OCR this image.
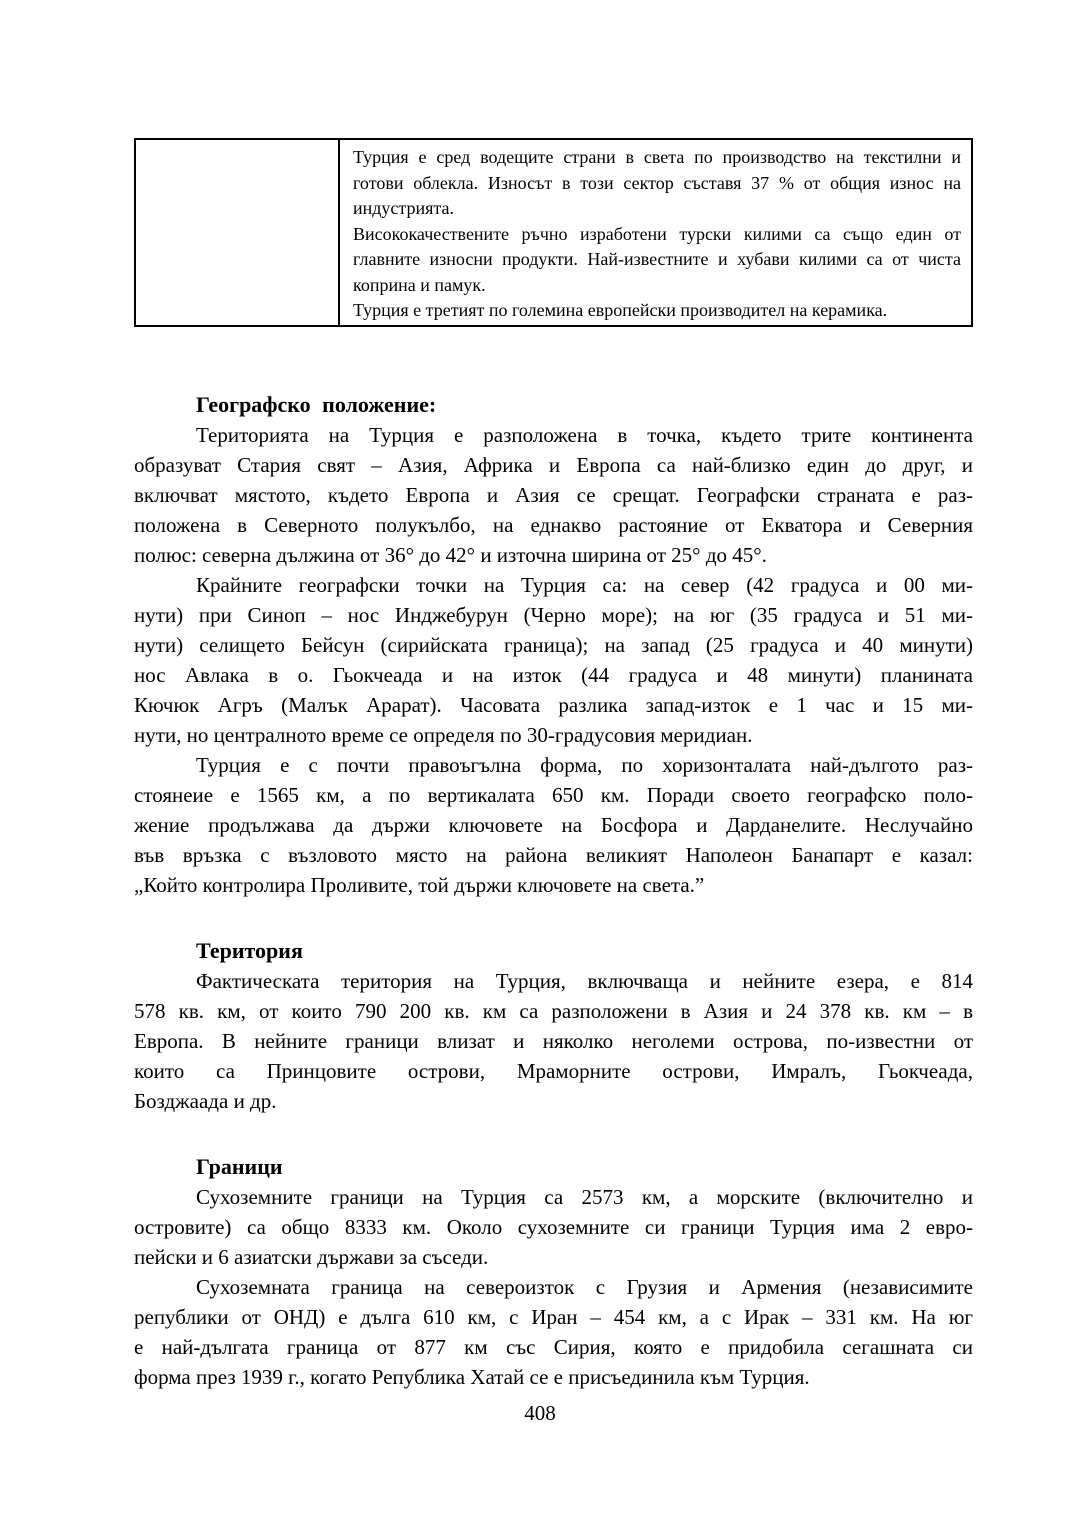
Турция е сред водещите страни в света по производство на текстилни и
готови облекла. Износът в този сектор съставя 37 % от общия износ на
индустрията.
Висококачествените ръчно изработени турски килими са също един от
главните износни продукти. Най-известните и хубави килими са от чиста
коприна и памук.
Турция е третият по големина европейски производител на керамика.
Географско положение:
Територията на Турция е разположена в точка, където трите континента
образуват Стария свят – Азия, Африка и Европа са най-близко един до друг, и
включват мястото, където Европа и Азия се срещат. Географски страната е раз-
положена в Северното полукълбо, на еднакво растояние от Екватора и Северния
полюс: северна дължина от 36° до 42° и източна ширина от 25° до 45°.
Крайните географски точки на Турция са: на север (42 градуса и 00 ми-
нути) при Синоп – нос Инджебурун (Черно море); на юг (35 градуса и 51 ми-
нути) селището Бейсун (сирийската граница); на запад (25 градуса и 40 минути)
нос Авлака в о. Гьокчеада и на изток (44 градуса и 48 минути) планината
Кючюк Агръ (Малък Арарат). Часовата разлика запад-изток е 1 час и 15 ми-
нути, но централното време се определя по 30-градусовия меридиан.
Турция е с почти правоъгълна форма, по хоризонталата най-дългото раз-
стоянеие е 1565 км, а по вертикалата 650 км. Поради своето географско поло-
жение продължава да държи ключовете на Босфора и Дарданелите. Неслучайно
във връзка с възловото място на района великият Наполеон Банапарт е казал:
„Който контролира Проливите, той държи ключовете на света.”
Територия
Фактическата територия на Турция, включваща и нейните езера, е 814
578 кв. км, от които 790 200 кв. км са разположени в Азия и 24 378 кв. км – в
Европа. В нейните граници влизат и няколко неголеми острова, по-известни от
които са Принцовите острови, Мраморните острови, Имралъ, Гьокчеада,
Бозджаада и др.
Граници
Сухоземните граници на Турция са 2573 км, а морските (включително и
островите) са общо 8333 км. Около сухоземните си граници Турция има 2 евро-
пейски и 6 азиатски държави за съседи.
Сухоземната граница на североизток с Грузия и Армения (независимите
републики от ОНД) е дълга 610 км, с Иран – 454 км, а с Ирак – 331 км. На юг
е най-дългата граница от 877 км със Сирия, която е придобила сегашната си
форма през 1939 г., когато Република Хатай се е присъединила към Турция.
408
